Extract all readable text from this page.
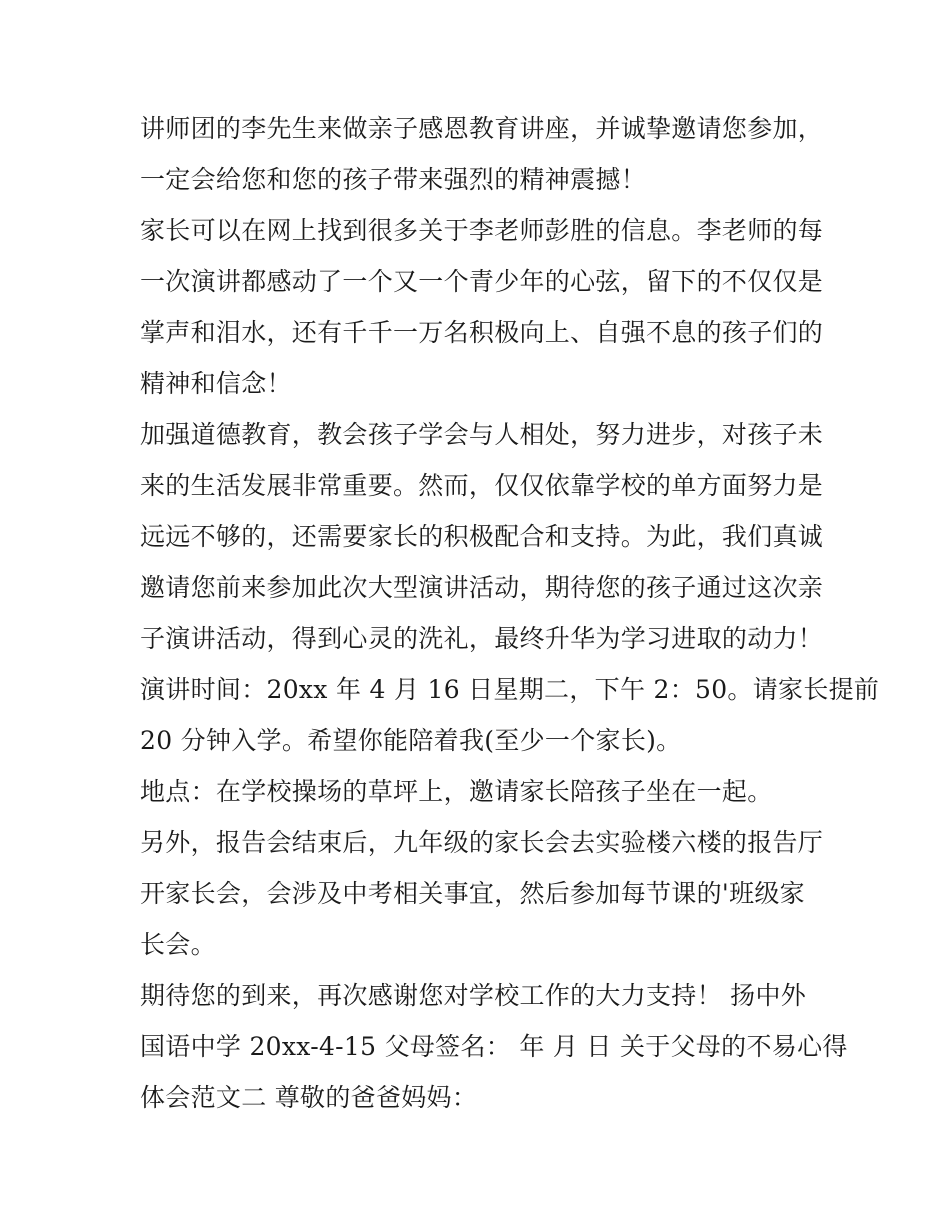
讲师团的李先生来做亲子感恩教育讲座，并诚挚邀请您参加，
一定会给您和您的孩子带来强烈的精神震撼！
家长可以在网上找到很多关于李老师彭胜的信息。李老师的每
一次演讲都感动了一个又一个青少年的心弦，留下的不仅仅是
掌声和泪水，还有千千一万名积极向上、自强不息的孩子们的
精神和信念！
加强道德教育，教会孩子学会与人相处，努力进步，对孩子未
来的生活发展非常重要。然而，仅仅依靠学校的单方面努力是
远远不够的，还需要家长的积极配合和支持。为此，我们真诚
邀请您前来参加此次大型演讲活动，期待您的孩子通过这次亲
子演讲活动，得到心灵的洗礼，最终升华为学习进取的动力！
演讲时间：20xx 年 4 月 16 日星期二，下午 2：50。请家长提前
20 分钟入学。希望你能陪着我(至少一个家长)。
地点：在学校操场的草坪上，邀请家长陪孩子坐在一起。
另外，报告会结束后，九年级的家长会去实验楼六楼的报告厅
开家长会，会涉及中考相关事宜，然后参加每节课的'班级家
长会。
期待您的到来，再次感谢您对学校工作的大力支持！ 扬中外
国语中学 20xx-4-15 父母签名： 年 月 日 关于父母的不易心得
体会范文二 尊敬的爸爸妈妈：
